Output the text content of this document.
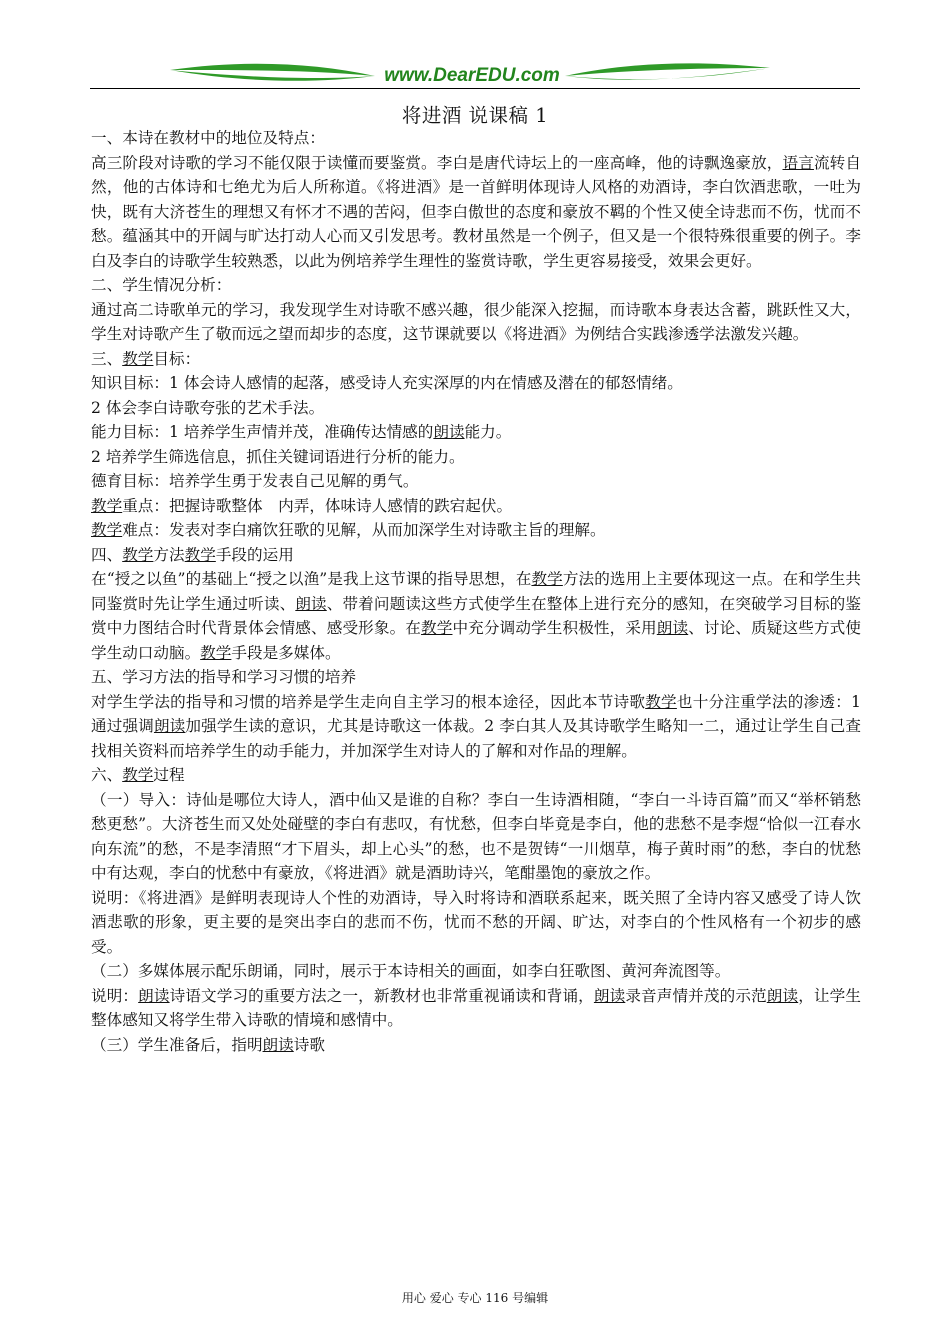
www.DearEDU.com
将进酒 说课稿 1
一、本诗在教材中的地位及特点：
高三阶段对诗歌的学习不能仅限于读懂而要鉴赏。李白是唐代诗坛上的一座高峰，他的诗飘逸豪放，语言流转自然，他的古体诗和七绝尤为后人所称道。《将进酒》是一首鲜明体现诗人风格的劝酒诗，李白饮酒悲歌，一吐为快，既有大济苍生的理想又有怀才不遇的苦闷，但李白傲世的态度和豪放不羁的个性又使全诗悲而不伤，忧而不愁。蕴涵其中的开阔与旷达打动人心而又引发思考。教材虽然是一个例子，但又是一个很特殊很重要的例子。李白及李白的诗歌学生较熟悉，以此为例培养学生理性的鉴赏诗歌，学生更容易接受，效果会更好。
二、学生情况分析：
通过高二诗歌单元的学习，我发现学生对诗歌不感兴趣，很少能深入挖掘，而诗歌本身表达含蓄，跳跃性又大，学生对诗歌产生了敬而远之望而却步的态度，这节课就要以《将进酒》为例结合实践渗透学法激发兴趣。
三、教学目标：
知识目标：1 体会诗人感情的起落，感受诗人充实深厚的内在情感及潜在的郁怒情绪。
2 体会李白诗歌夸张的艺术手法。
能力目标：1 培养学生声情并茂，准确传达情感的朗读能力。
2 培养学生筛选信息，抓住关键词语进行分析的能力。
德育目标：培养学生勇于发表自己见解的勇气。
教学重点：把握诗歌整体　内弄，体味诗人感情的跌宕起伏。
教学难点：发表对李白痛饮狂歌的见解，从而加深学生对诗歌主旨的理解。
四、教学方法教学手段的运用
在“授之以鱼”的基础上“授之以渔”是我上这节课的指导思想，在教学方法的选用上主要体现这一点。在和学生共同鉴赏时先让学生通过听读、朗读、带着问题读这些方式使学生在整体上进行充分的感知，在突破学习目标的鉴赏中力图结合时代背景体会情感、感受形象。在教学中充分调动学生积极性，采用朗读、讨论、质疑这些方式使学生动口动脑。教学手段是多媒体。
五、学习方法的指导和学习习惯的培养
对学生学法的指导和习惯的培养是学生走向自主学习的根本途径，因此本节诗歌教学也十分注重学法的渗透：1 通过强调朗读加强学生读的意识，尤其是诗歌这一体裁。2 李白其人及其诗歌学生略知一二，通过让学生自己查找相关资料而培养学生的动手能力，并加深学生对诗人的了解和对作品的理解。
六、教学过程
（一）导入：诗仙是哪位大诗人，酒中仙又是谁的自称？李白一生诗酒相随，“李白一斗诗百篇”而又“举杯销愁愁更愁”。大济苍生而又处处碰壁的李白有悲叹，有忧愁，但李白毕竟是李白，他的悲愁不是李煜“恰似一江春水向东流”的愁，不是李清照“才下眉头，却上心头”的愁，也不是贺铸“一川烟草，梅子黄时雨”的愁，李白的忧愁中有达观，李白的忧愁中有豪放，《将进酒》就是酒助诗兴，笔酣墨饱的豪放之作。
说明：《将进酒》是鲜明表现诗人个性的劝酒诗，导入时将诗和酒联系起来，既关照了全诗内容又感受了诗人饮酒悲歌的形象，更主要的是突出李白的悲而不伤，忧而不愁的开阔、旷达，对李白的个性风格有一个初步的感受。
（二）多媒体展示配乐朗诵，同时，展示于本诗相关的画面，如李白狂歌图、黄河奔流图等。
说明：朗读诗语文学习的重要方法之一，新教材也非常重视诵读和背诵，朗读录音声情并茂的示范朗读，让学生整体感知又将学生带入诗歌的情境和感情中。
（三）学生准备后，指明朗读诗歌
用心 爱心 专心 116 号编辑
